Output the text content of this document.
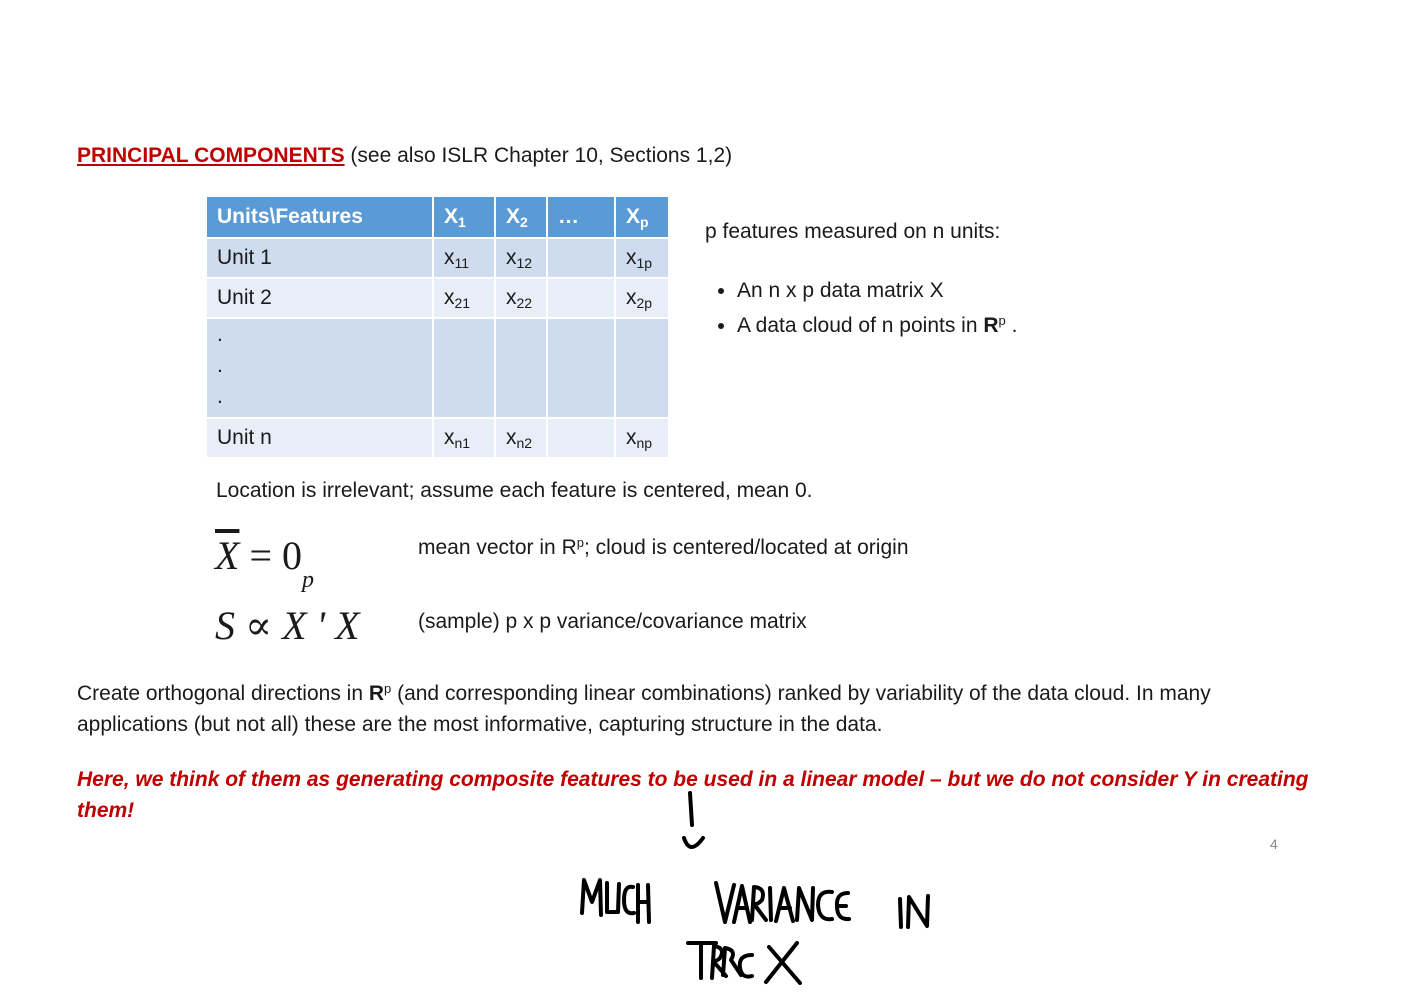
PRINCIPAL COMPONENTS (see also ISLR Chapter 10, Sections 1,2)
Units\Features	$X_1$	$X_2$	…	$X_p$
Unit 1	$x_{11}$	$x_{12}$		$x_{1p}$
Unit 2	$x_{21}$	$x_{22}$		$x_{2p}$

.
.
.				

Unit n	$x_{n1}$	$x_{n2}$		$x_{np}$
p features measured on n units:
• An n x p data matrix X
• A data cloud of n points in $R^p$ .
Location is irrelevant; assume each feature is centered, mean 0.
$\overline{X} = 0_p$
mean vector in $R^p$; cloud is centered/located at origin
S ∝ X ' X	(sample) p x p variance/covariance matrix
Create orthogonal directions in $R^p$ (and corresponding linear combinations) ranked by variability of the data cloud. In many applications (but not all) these are the most informative, capturing structure in the data.
Here, we think of them as generating composite features to be used in a linear model – but we do not consider Y in creating them!
4
